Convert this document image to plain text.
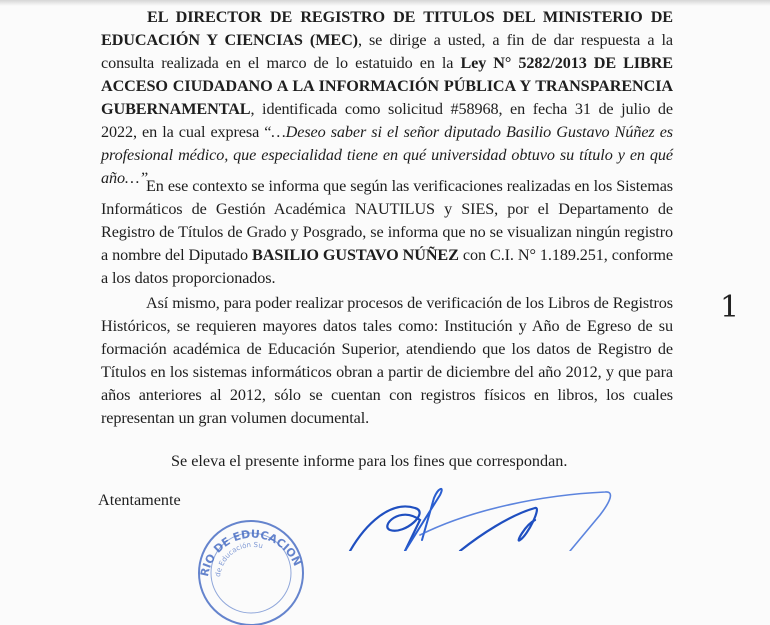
EL DIRECTOR DE REGISTRO DE TITULOS DEL MINISTERIO DE EDUCACIÓN Y CIENCIAS (MEC), se dirige a usted, a fin de dar respuesta a la consulta realizada en el marco de lo estatuido en la Ley N° 5282/2013 DE LIBRE ACCESO CIUDADANO A LA INFORMACIÓN PÚBLICA Y TRANSPARENCIA GUBERNAMENTAL, identificada como solicitud #58968, en fecha 31 de julio de 2022, en la cual expresa “…Deseo saber si el señor diputado Basilio Gustavo Núñez es profesional médico, que especialidad tiene en qué universidad obtuvo su título y en qué año…”

En ese contexto se informa que según las verificaciones realizadas en los Sistemas Informáticos de Gestión Académica NAUTILUS y SIES, por el Departamento de Registro de Títulos de Grado y Posgrado, se informa que no se visualizan ningún registro a nombre del Diputado BASILIO GUSTAVO NÚÑEZ con C.I. N° 1.189.251, conforme a los datos proporcionados.

Así mismo, para poder realizar procesos de verificación de los Libros de Registros Históricos, se requieren mayores datos tales como: Institución y Año de Egreso de su formación académica de Educación Superior, atendiendo que los datos de Registro de Títulos en los sistemas informáticos obran a partir de diciembre del año 2012, y que para años anteriores al 2012, sólo se cuentan con registros físicos en libros, los cuales representan un gran volumen documental.

Se eleva el presente informe para los fines que correspondan.

Atentamente

1
RIO DE EDUCACION
de Educación Su
